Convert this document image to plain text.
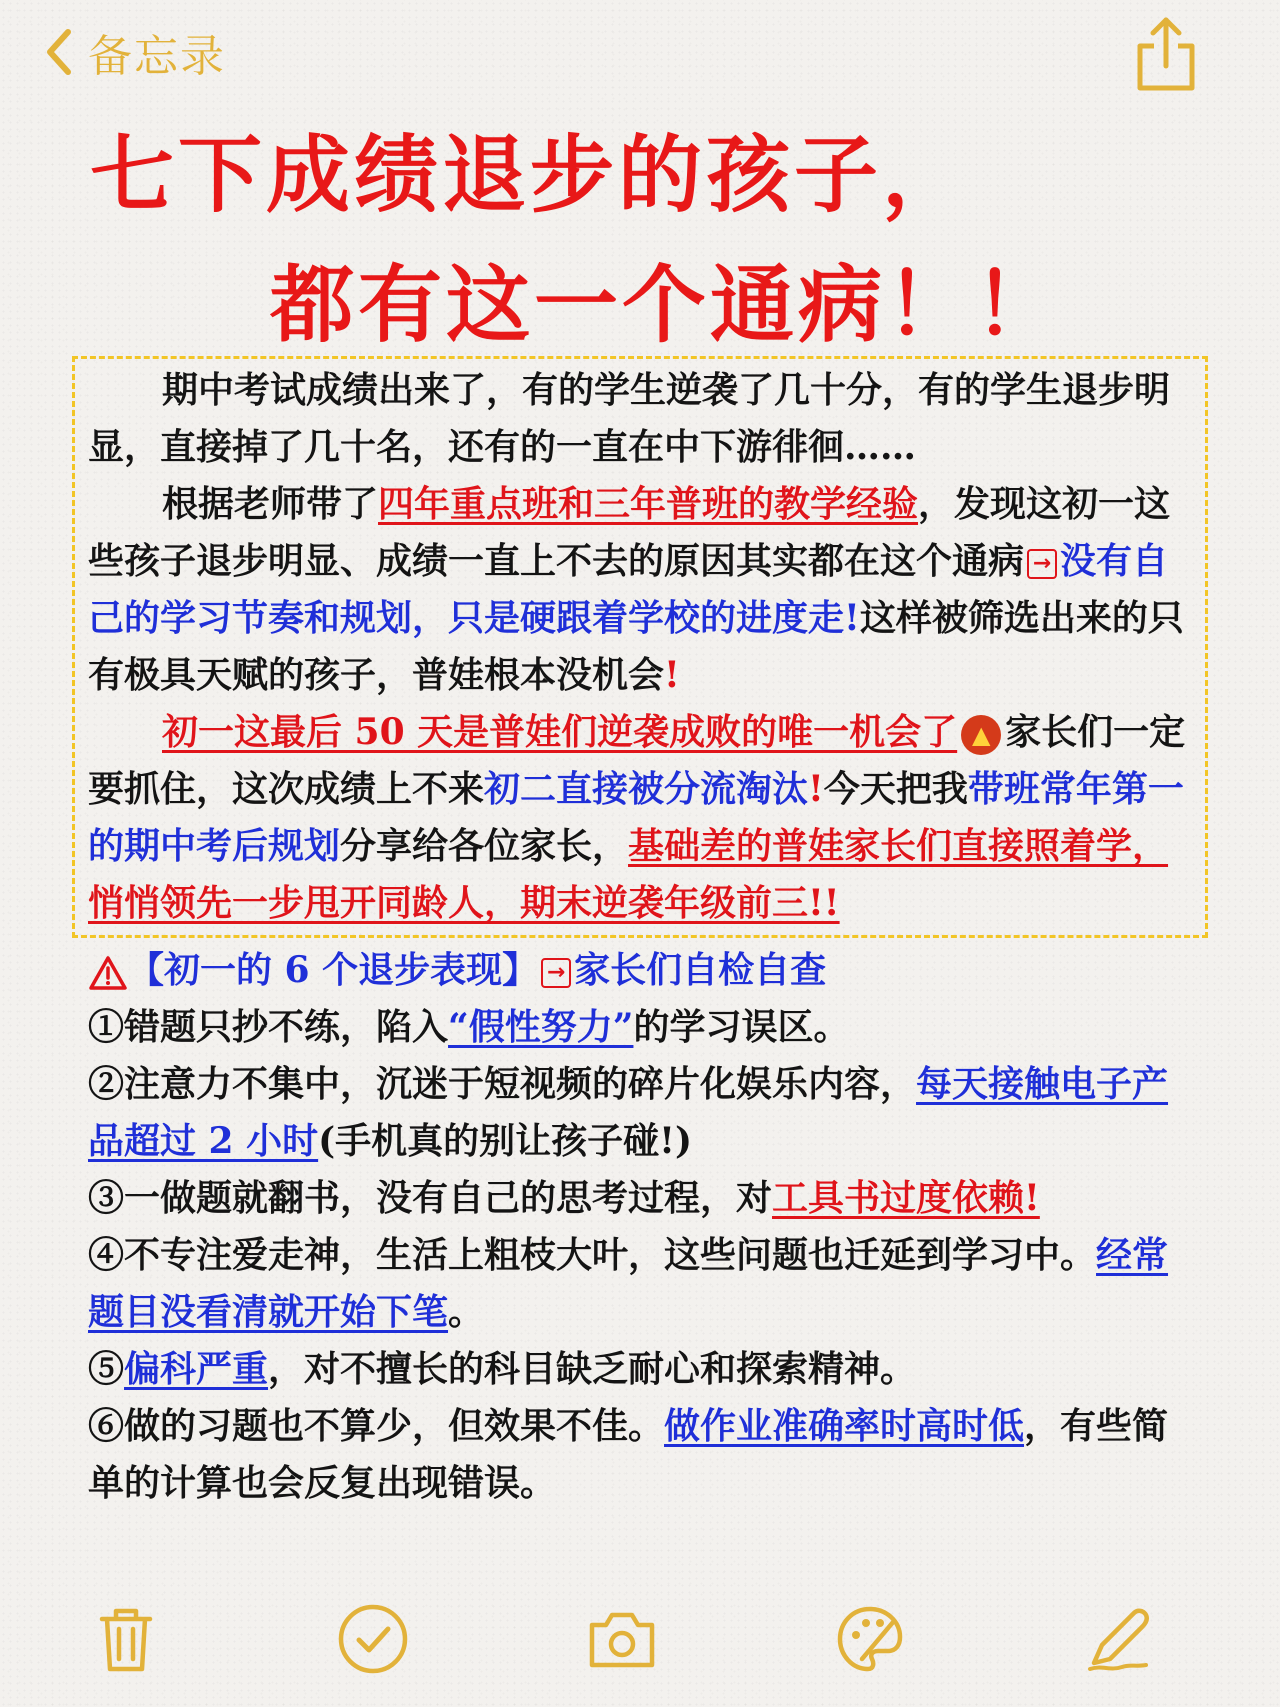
备忘录
七下成绩退步的孩子，
都有这一个通病！！
期中考试成绩出来了，有的学生逆袭了几十分，有的学生退步明显，直接掉了几十名，还有的一直在中下游徘徊……
根据老师带了四年重点班和三年普班的教学经验，发现这初一这些孩子退步明显、成绩一直上不去的原因其实都在这个通病 → 没有自己的学习节奏和规划，只是硬跟着学校的进度走!这样被筛选出来的只有极具天赋的孩子，普娃根本没机会!
初一这最后 50 天是普娃们逆袭成败的唯一机会了 ▲ 家长们一定要抓住，这次成绩上不来初二直接被分流淘汰!今天把我带班常年第一的期中考后规划分享给各位家长，基础差的普娃家长们直接照着学，悄悄领先一步甩开同龄人，期末逆袭年级前三!!
【初一的 6 个退步表现】 → 家长们自检自查

①错题只抄不练，陷入“假性努力”的学习误区。

②注意力不集中，沉迷于短视频的碎片化娱乐内容，每天接触电子产品超过 2 小时(手机真的别让孩子碰!)

③一做题就翻书，没有自己的思考过程，对工具书过度依赖!

④不专注爱走神，生活上粗枝大叶，这些问题也迁延到学习中。经常题目没看清就开始下笔。

⑤偏科严重，对不擅长的科目缺乏耐心和探索精神。

⑥做的习题也不算少，但效果不佳。做作业准确率时高时低，有些简单的计算也会反复出现错误。
